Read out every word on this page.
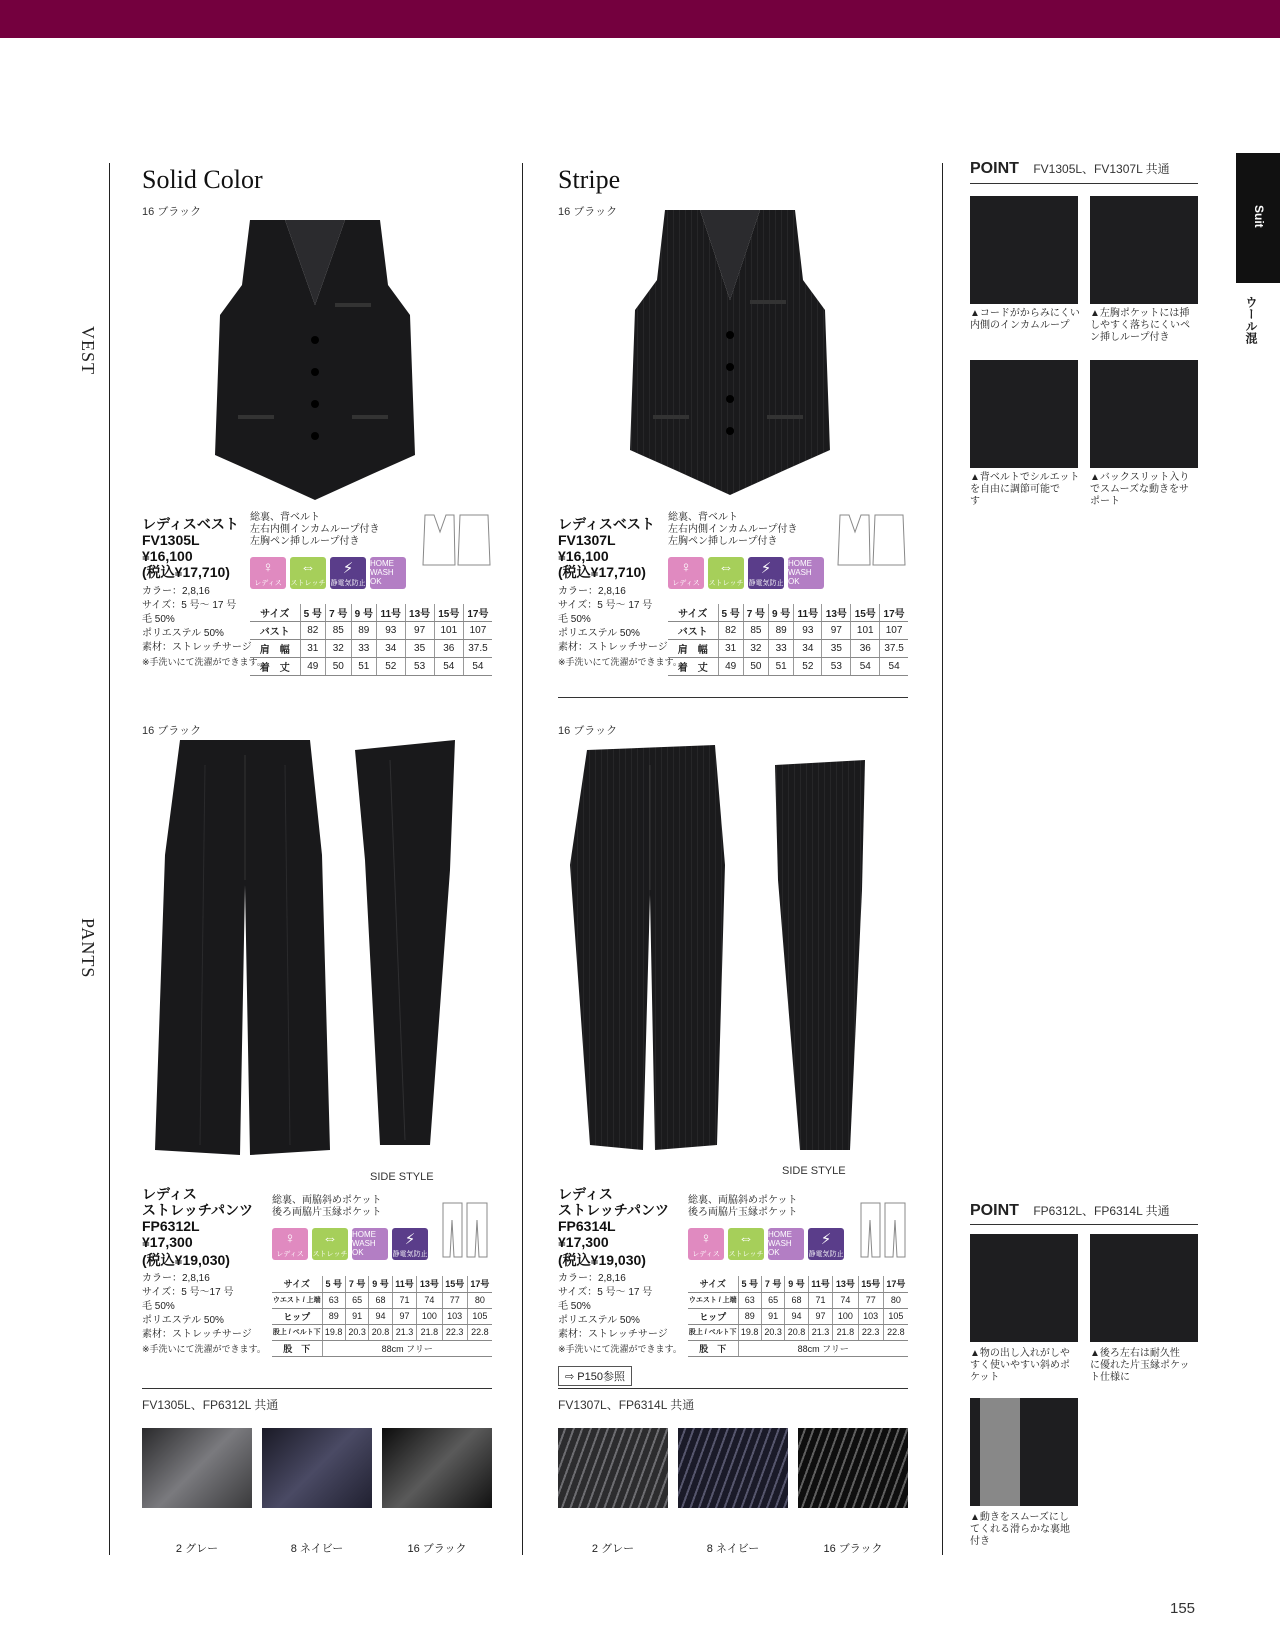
VEST
PANTS
Suit
ウール混
Solid Color
16 ブラック
レディスベスト
FV1305L
¥16,100
(税込¥17,710)
総裏、背ベルト
左右内側インカムループ付き
左胸ペン挿しループ付き
♀
レディス
⇔
ストレッチ
⚡
静電気防止
HOME WASH OK
カラー：2,8,16
サイズ：5 号～ 17 号
毛 50%
ポリエステル 50%
素材：ストレッチサージ
※手洗いにて洗濯ができます。
サイズ	5 号	7 号	9 号	11号	13号	15号	17号
バスト	82	85	89	93	97	101	107
肩　幅	31	32	33	34	35	36	37.5
着　丈	49	50	51	52	53	54	54
16 ブラック
SIDE STYLE
レディス
ストレッチパンツ
FP6312L
¥17,300
(税込¥19,030)
総裏、両脇斜めポケット
後ろ両脇片玉縁ポケット
♀
レディス
⇔
ストレッチ
HOME WASH OK
⚡
静電気防止
カラー：2,8,16
サイズ：5 号～17 号
毛 50%
ポリエステル 50%
素材：ストレッチサージ
※手洗いにて洗濯ができます。
サイズ	5 号	7 号	9 号	11号	13号	15号	17号
ウエスト / 上端	63	65	68	71	74	77	80
ヒップ	89	91	94	97	100	103	105
股上 / ベルト下	19.8	20.3	20.8	21.3	21.8	22.3	22.8
股　下	88cm フリー						
FV1305L、FP6312L 共通
2 グレー	8 ネイビー	16 ブラック
Stripe
16 ブラック
レディスベスト
FV1307L
¥16,100
(税込¥17,710)
総裏、背ベルト
左右内側インカムループ付き
左胸ペン挿しループ付き
♀
レディス
⇔
ストレッチ
⚡
静電気防止
HOME WASH OK
カラー：2,8,16
サイズ：5 号～ 17 号
毛 50%
ポリエステル 50%
素材：ストレッチサージ
※手洗いにて洗濯ができます。
サイズ	5 号	7 号	9 号	11号	13号	15号	17号
バスト	82	85	89	93	97	101	107
肩　幅	31	32	33	34	35	36	37.5
着　丈	49	50	51	52	53	54	54
16 ブラック
SIDE STYLE
レディス
ストレッチパンツ
FP6314L
¥17,300
(税込¥19,030)
総裏、両脇斜めポケット
後ろ両脇片玉縁ポケット
♀
レディス
⇔
ストレッチ
HOME WASH OK
⚡
静電気防止
カラー：2,8,16
サイズ：5 号～ 17 号
毛 50%
ポリエステル 50%
素材：ストレッチサージ
※手洗いにて洗濯ができます。
⇨ P150参照
サイズ	5 号	7 号	9 号	11号	13号	15号	17号
ウエスト / 上端	63	65	68	71	74	77	80
ヒップ	89	91	94	97	100	103	105
股上 / ベルト下	19.8	20.3	20.8	21.3	21.8	22.3	22.8
股　下	88cm フリー						
FV1307L、FP6314L 共通
2 グレー	8 ネイビー	16 ブラック
POINT FV1305L、FV1307L 共通
▲コードがからみにくい
内側のインカムループ
▲左胸ポケットには挿
しやすく落ちにくいペ
ン挿しループ付き
▲背ベルトでシルエット
を自由に調節可能で
す
▲バックスリット入り
でスムーズな動きをサ
ポート
POINT FP6312L、FP6314L 共通
▲物の出し入れがしや
すく使いやすい斜めポ
ケット
▲後ろ左右は耐久性
に優れた片玉縁ポケッ
ト仕様に
▲動きをスムーズにし
てくれる滑らかな裏地
付き
155
